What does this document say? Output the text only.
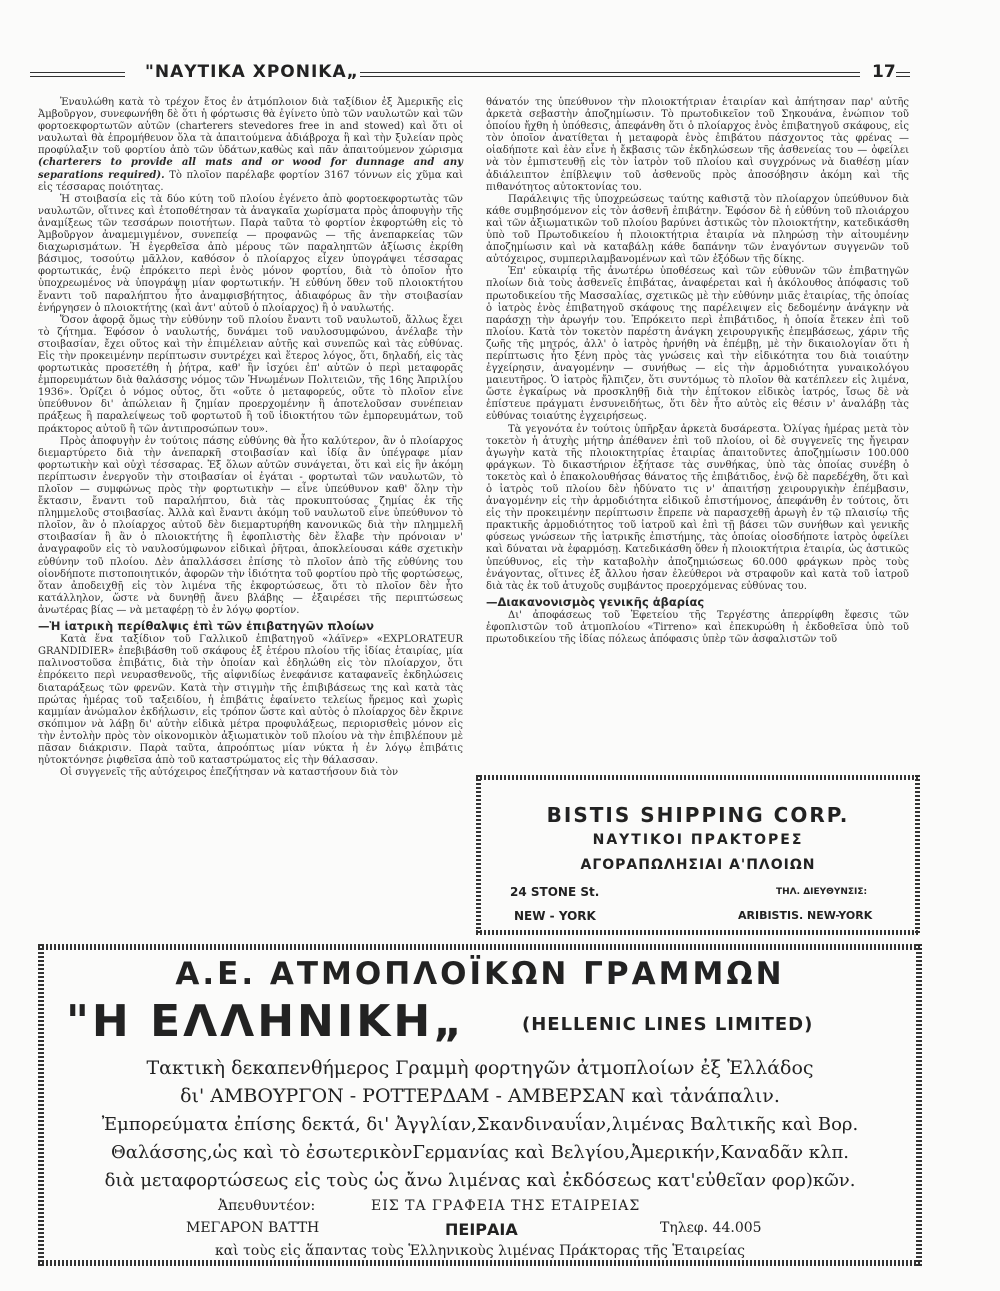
"ΝΑΥΤΙΚΑ ΧΡΟΝΙΚΑ„	17

Ἐναυλώθη κατὰ τὸ τρέχον ἔτος ἐν ἀτμόπλοιον διὰ ταξίδιον ἐξ Ἀμερικῆς εἰς Ἀμβοῦργον, συνεφωνήθη δὲ ὅτι ἡ φόρτωσις θὰ ἐγίνετο ὑπὸ τῶν ναυλωτῶν καὶ τῶν φορτοεκφορτωτῶν αὐτῶν (charterers stevedores free in and stowed) καὶ ὅτι οἱ ναυλωταὶ θὰ ἐπρομήθευον ὅλα τὰ ἀπαιτούμενα ἀδιάβροχα ἢ καὶ τὴν ξυλείαν πρὸς προφύλαξιν τοῦ φορτίου ἀπὸ τῶν ὑδάτων,καθὼς καὶ πᾶν ἀπαιτούμενον χώρισμα (charterers to provide all mats and or wood for dunnage and any separations required). Τὸ πλοῖον παρέλαβε φορτίον 3167 τόννων εἰς χῦμα καὶ εἰς τέσσαρας ποιότητας.

Ἡ στοιβασία εἰς τὰ δύο κύτη τοῦ πλοίου ἐγένετο ἀπὸ φορτοεκφορτωτὰς τῶν ναυλωτῶν, οἵτινες καὶ ἐτοποθέτησαν τὰ ἀναγκαῖα χωρίσματα πρὸς ἀποφυγὴν τῆς ἀναμίξεως τῶν τεσσάρων ποιοτήτων. Παρὰ ταῦτα τὸ φορτίον ἐκφορτώθη εἰς τὸ Ἀμβοῦργον ἀναμεμιγμένον, συνεπείᾳ — προφανῶς — τῆς ἀνεπαρκείας τῶν διαχωρισμάτων. Ἡ ἐγερθεῖσα ἀπὸ μέρους τῶν παραληπτῶν ἀξίωσις ἐκρίθη βάσιμος, τοσούτῳ μᾶλλον, καθόσον ὁ πλοίαρχος εἶχεν ὑπογράψει τέσσαρας φορτωτικάς, ἐνῷ ἐπρόκειτο περὶ ἑνὸς μόνον φορτίου, διὰ τὸ ὁποῖον ἦτο ὑποχρεωμένος νὰ ὑπογράψῃ μίαν φορτωτικήν. Ἡ εὐθύνη ὅθεν τοῦ πλοιοκτήτου ἔναντι τοῦ παραλήπτου ἦτο ἀναμφισβήτητος, ἀδιαφόρως ἂν τὴν στοιβασίαν ἐνήργησεν ὁ πλοιοκτήτης (καὶ ἀντ' αὐτοῦ ὁ πλοίαρχος) ἢ ὁ ναυλωτής.

Ὅσον ἀφορᾷ ὅμως τὴν εὐθύνην τοῦ πλοίου ἔναντι τοῦ ναυλωτοῦ, ἄλλως ἔχει τὸ ζήτημα. Ἐφόσον ὁ ναυλωτής, δυνάμει τοῦ ναυλοσυμφώνου, ἀνέλαβε τὴν στοιβασίαν, ἔχει οὕτος καὶ τὴν ἐπιμέλειαν αὐτῆς καὶ συνεπῶς καὶ τὰς εὐθύνας. Εἰς τὴν προκειμένην περίπτωσιν συντρέχει καὶ ἕτερος λόγος, ὅτι, δηλαδή, εἰς τὰς φορτωτικὰς προσετέθη ἡ ῥήτρα, καθ' ἣν ἰσχύει ἐπ' αὐτῶν ὁ περὶ μεταφορᾶς ἐμπορευμάτων διὰ θαλάσσης νόμος τῶν Ἡνωμένων Πολιτειῶν, τῆς 16ης Ἀπριλίου 1936». Ὁρίζει ὁ νόμος οὗτος, ὅτι «οὔτε ὁ μεταφορεύς, οὔτε τὸ πλοῖον εἶνε ὑπεύθυνον δι' ἀπώλειαν ἢ ζημίαν προερχομένην ἢ ἀποτελοῦσαν συνέπειαν πράξεως ἢ παραλείψεως τοῦ φορτωτοῦ ἢ τοῦ ἰδιοκτήτου τῶν ἐμπορευμάτων, τοῦ πράκτορος αὐτοῦ ἢ τῶν ἀντιπροσώπων του».

Πρὸς ἀποφυγὴν ἐν τούτοις πάσης εὐθύνης θὰ ἦτο καλύτερον, ἂν ὁ πλοίαρχος διεμαρτύρετο διὰ τὴν ἀνεπαρκῆ στοιβασίαν καὶ ἰδίᾳ ἂν ὑπέγραφε μίαν φορτωτικὴν καὶ οὐχὶ τέσσαρας. Ἐξ ὅλων αὐτῶν συνάγεται, ὅτι καὶ εἰς ἣν ἀκόμη περίπτωσιν ἐνεργοῦν τὴν στοιβασίαν οἱ ἐγάται - φορτωταὶ τῶν ναυλωτῶν, τὸ πλοῖον — συμφώνως πρὸς τὴν φορτωτικὴν — εἶνε ὑπεύθυνον καθ' ὅλην τὴν ἔκτασιν, ἔναντι τοῦ παραλήπτου, διὰ τὰς προκυπτούσας ζημίας ἐκ τῆς πλημμελοῦς στοιβασίας. Ἀλλὰ καὶ ἔναντι ἀκόμη τοῦ ναυλωτοῦ εἶνε ὑπεύθυνον τὸ πλοῖον, ἂν ὁ πλοίαρχος αὐτοῦ δὲν διεμαρτυρήθη κανονικῶς διὰ τὴν πλημμελῆ στοιβασίαν ἢ ἂν ὁ πλοιοκτήτης ἢ ἐφοπλιστὴς δὲν ἔλαβε τὴν πρόνοιαν ν' ἀναγραφοῦν εἰς τὸ ναυλοσύμφωνον εἰδικαὶ ῥῆτραι, ἀποκλείουσαι κάθε σχετικὴν εὐθύνην τοῦ πλοίου. Δὲν ἀπαλλάσσει ἐπίσης τὸ πλοῖον ἀπὸ τῆς εὐθύνης του οἱονδήποτε πιστοποιητικόν, ἀφορῶν τὴν ἰδιότητα τοῦ φορτίου πρὸ τῆς φορτώσεως, ὅταν ἀποδειχθῇ εἰς τὸν λιμένα τῆς ἐκφορτώσεως, ὅτι τὸ πλοῖον δὲν ἦτο κατάλληλον, ὥστε νὰ δυνηθῇ ἄνευ βλάβης — ἐξαιρέσει τῆς περιπτώσεως ἀνωτέρας βίας — νὰ μεταφέρῃ τὸ ἐν λόγῳ φορτίον.

—Ἡ ἰατρικὴ περίθαλψις ἐπὶ τῶν ἐπιβατηγῶν πλοίων

Κατὰ ἕνα ταξίδιον τοῦ Γαλλικοῦ ἐπιβατηγοῦ «λάϊνερ» «EXPLORATEUR GRANDIDIER» ἐπεβιβάσθη τοῦ σκάφους ἐξ ἑτέρου πλοίου τῆς ἰδίας ἑταιρίας, μία παλινοστοῦσα ἐπιβάτις, διὰ τὴν ὁποίαν καὶ ἐδηλώθη εἰς τὸν πλοίαρχον, ὅτι ἐπρόκειτο περὶ νευρασθενοῦς, τῆς αἰφνιδίως ἐνεφάνισε καταφανεῖς ἐκδηλώσεις διαταράξεως τῶν φρενῶν. Κατὰ τὴν στιγμὴν τῆς ἐπιβιβάσεως της καὶ κατὰ τὰς πρώτας ἡμέρας τοῦ ταξειδίου, ἡ ἐπιβάτις ἐφαίνετο τελείως ἤρεμος καὶ χωρὶς καμμίαν ἀνώμαλον ἐκδήλωσιν, εἰς τρόπον ὥστε καὶ αὐτὸς ὁ πλοίαρχος δὲν ἔκρινε σκόπιμον νὰ λάβῃ δι' αὐτὴν εἰδικὰ μέτρα προφυλάξεως, περιορισθεὶς μόνον εἰς τὴν ἐντολὴν πρὸς τὸν οἰκονομικὸν ἀξιωματικὸν τοῦ πλοίου νὰ τὴν ἐπιβλέπουν μὲ πᾶσαν διάκρισιν. Παρὰ ταῦτα, ἀπροόπτως μίαν νύκτα ἡ ἐν λόγῳ ἐπιβάτις ηὐτοκτόνησε ῥιφθεῖσα ἀπὸ τοῦ καταστρώματος εἰς τὴν θάλασσαν.

Οἱ συγγενεῖς τῆς αὐτόχειρος ἐπεζήτησαν νὰ καταστήσουν διὰ τὸν

θάνατόν της ὑπεύθυνον τὴν πλοιοκτήτριαν ἑταιρίαν καὶ ἀπήτησαν παρ' αὐτῆς ἀρκετὰ σεβαστὴν ἀποζημίωσιν. Τὸ πρωτοδικεῖον τοῦ Σηκουάνα, ἐνώπιον τοῦ ὁποίου ἤχθη ἡ ὑπόθεσις, ἀπεφάνθη ὅτι ὁ πλοίαρχος ἑνὸς ἐπιβατηγοῦ σκάφους, εἰς τὸν ὁποῖον ἀνατίθεται ἡ μεταφορὰ ἑνὸς ἐπιβάτου πάσχοντος τὰς φρένας — οἱαδήποτε καὶ ἐὰν εἶνε ἡ ἔκβασις τῶν ἐκδηλώσεων τῆς ἀσθενείας του — ὀφείλει νὰ τὸν ἐμπιστευθῇ εἰς τὸν ἰατρὸν τοῦ πλοίου καὶ συγχρόνως νὰ διαθέσῃ μίαν ἀδιάλειπτον ἐπίβλεψιν τοῦ ἀσθενοῦς πρὸς ἀποσόβησιν ἀκόμη καὶ τῆς πιθανότητος αὐτοκτονίας του.

Παράλειψις τῆς ὑποχρεώσεως ταύτης καθιστᾷ τὸν πλοίαρχον ὑπεύθυνον διὰ κάθε συμβησόμενον εἰς τὸν ἀσθενῆ ἐπιβάτην. Ἐφόσον δὲ ἡ εὐθύνη τοῦ πλοιάρχου καὶ τῶν ἀξιωματικῶν τοῦ πλοίου βαρύνει ἀστικῶς τὸν πλοιοκτήτην, κατεδικάσθη ὑπὸ τοῦ Πρωτοδικείου ἡ πλοιοκτήτρια ἑταιρία νὰ πληρώσῃ τὴν αἰτουμένην ἀποζημίωσιν καὶ νὰ καταβάλῃ κάθε δαπάνην τῶν ἐναγόντων συγγενῶν τοῦ αὐτόχειρος, συμπεριλαμβανομένων καὶ τῶν ἐξόδων τῆς δίκης.

Ἐπ' εὐκαιρίᾳ τῆς ἀνωτέρω ὑποθέσεως καὶ τῶν εὐθυνῶν τῶν ἐπιβατηγῶν πλοίων διὰ τοὺς ἀσθενεῖς ἐπιβάτας, ἀναφέρεται καὶ ἡ ἀκόλουθος ἀπόφασις τοῦ πρωτοδικείου τῆς Μασσαλίας, σχετικῶς μὲ τὴν εὐθύνην μιᾶς ἑταιρίας, τῆς ὁποίας ὁ ἰατρὸς ἑνὸς ἐπιβατηγοῦ σκάφους της παρέλειψεν εἰς δεδομένην ἀνάγκην νὰ παράσχῃ τὴν ἀρωγήν του. Ἐπρόκειτο περὶ ἐπιβάτιδος, ἡ ὁποία ἔτεκεν ἐπὶ τοῦ πλοίου. Κατὰ τὸν τοκετὸν παρέστη ἀνάγκη χειρουργικῆς ἐπεμβάσεως, χάριν τῆς ζωῆς τῆς μητρός, ἀλλ' ὁ ἰατρὸς ἠρνήθη νὰ ἐπέμβῃ, μὲ τὴν δικαιολογίαν ὅτι ἡ περίπτωσις ἦτο ξένη πρὸς τὰς γνώσεις καὶ τὴν εἰδικότητα του διὰ τοιαύτην ἐγχείρησιν, ἀναγομένην — συνήθως — εἰς τὴν ἁρμοδιότητα γυναικολόγου μαιευτῆρος. Ὁ ἰατρὸς ἤλπιζεν, ὅτι συντόμως τὸ πλοῖον θὰ κατέπλεεν εἰς λιμένα, ὥστε ἐγκαίρως νὰ προσκληθῇ διὰ τὴν ἐπίτοκον εἰδικὸς ἰατρός, ἴσως δὲ νὰ ἐπίστευε πράγματι ἐνσυνειδήτως, ὅτι δὲν ἦτο αὐτὸς εἰς θέσιν ν' ἀναλάβῃ τὰς εὐθύνας τοιαύτης ἐγχειρήσεως.

Τὰ γεγονότα ἐν τούτοις ὑπῆρξαν ἀρκετὰ δυσάρεστα. Ὀλίγας ἡμέρας μετὰ τὸν τοκετὸν ἡ ἀτυχὴς μήτηρ ἀπέθανεν ἐπὶ τοῦ πλοίου, οἱ δὲ συγγενεῖς της ἤγειραν ἀγωγὴν κατὰ τῆς πλοιοκτητρίας ἑταιρίας ἀπαιτοῦντες ἀποζημίωσιν 100.000 φράγκων. Τὸ δικαστήριον ἐξήτασε τὰς συνθήκας, ὑπὸ τὰς ὁποίας συνέβη ὁ τοκετὸς καὶ ὁ ἐπακολουθήσας θάνατος τῆς ἐπιβάτιδος, ἐνῷ δὲ παρεδέχθη, ὅτι καὶ ὁ ἰατρὸς τοῦ πλοίου δὲν ἠδύνατο τις ν' ἀπαιτήσῃ χειρουργικὴν ἐπέμβασιν, ἀναγομένην εἰς τὴν ἁρμοδιότητα εἰδικοῦ ἐπιστήμονος, ἀπεφάνθη ἐν τούτοις, ὅτι εἰς τὴν προκειμένην περίπτωσιν ἔπρεπε νὰ παρασχεθῇ ἀρωγὴ ἐν τῷ πλαισίῳ τῆς πρακτικῆς ἁρμοδιότητος τοῦ ἰατροῦ καὶ ἐπὶ τῇ βάσει τῶν συνήθων καὶ γενικῆς φύσεως γνώσεων τῆς ἰατρικῆς ἐπιστήμης, τὰς ὁποίας οἱοσδήποτε ἰατρὸς ὀφείλει καὶ δύναται νὰ ἐφαρμόσῃ. Κατεδικάσθη ὅθεν ἡ πλοιοκτήτρια ἑταιρία, ὡς ἀστικῶς ὑπεύθυνος, εἰς τὴν καταβολὴν ἀποζημιώσεως 60.000 φράγκων πρὸς τοὺς ἐνάγοντας, οἵτινες ἐξ ἄλλου ἠσαν ἐλεύθεροι νὰ στραφοῦν καὶ κατὰ τοῦ ἰατροῦ διὰ τὰς ἐκ τοῦ ἀτυχοῦς συμβάντος προερχόμενας εὐθύνας του.

—Διακανονισμὸς γενικῆς ἀβαρίας

Δι' ἀποφάσεως τοῦ Ἐφετείου τῆς Τεργέστης ἀπερρίφθη ἔφεσις τῶν ἐφοπλιστῶν τοῦ ἀτμοπλοίου «Tirreno» καὶ ἐπεκυρώθη ἡ ἐκδοθεῖσα ὑπὸ τοῦ πρωτοδικείου τῆς ἰδίας πόλεως ἀπόφασις ὑπὲρ τῶν ἀσφαλιστῶν τοῦ

BISTIS SHIPPING CORP.
ΝΑΥΤΙΚΟΙ ΠΡΑΚΤΟΡΕΣ
ΑΓΟΡΑΠΩΛΗΣΙΑΙ Α'ΠΛΟΙΩΝ
24 STONE St.
NEW - YORK
ΤΗΛ. ΔΙΕΥΘΥΝΣΙΣ:
ARIBISTIS. NEW-YORK
Α.Ε. ΑΤΜΟΠΛΟΪΚΩΝ ΓΡΑΜΜΩΝ
"Η ΕΛΛΗΝΙΚΗ„	(HELLENIC LINES LIMITED)
Τακτικὴ δεκαπενθήμερος Γραμμὴ φορτηγῶν ἀτμοπλοίων ἐξ Ἑλλάδος
δι' ΑΜΒΟΥΡΓΟΝ - ΡΟΤΤΕΡΔΑΜ - ΑΜΒΕΡΣΑΝ καὶ τἀνάπαλιν.
Ἐμπορεύματα ἐπίσης δεκτά, δι' Ἀγγλίαν,Σκανδιναυΐαν,λιμένας Βαλτικῆς καὶ Βορ.
Θαλάσσης,ὡς καὶ τὸ ἐσωτερικὸνΓερμανίας καὶ Βελγίου,Ἀμερικήν,Καναδᾶν κλπ.
διὰ μεταφορτώσεως εἰς τοὺς ὡς ἄνω λιμένας καὶ ἐκδόσεως κατ'εὐθεῖαν φορ)κῶν.
Ἀπευθυντέον:	ΕΙΣ ΤΑ ΓΡΑΦΕΙΑ ΤΗΣ ΕΤΑΙΡΕΙΑΣ
ΜΕΓΑΡΟΝ ΒΑΤΤΗ	ΠΕΙΡΑΙΑ	Τηλεφ. 44.005
καὶ τοὺς εἰς ἅπαντας τοὺς Ἑλληνικοὺς λιμένας Πράκτορας τῆς Ἑταιρείας
